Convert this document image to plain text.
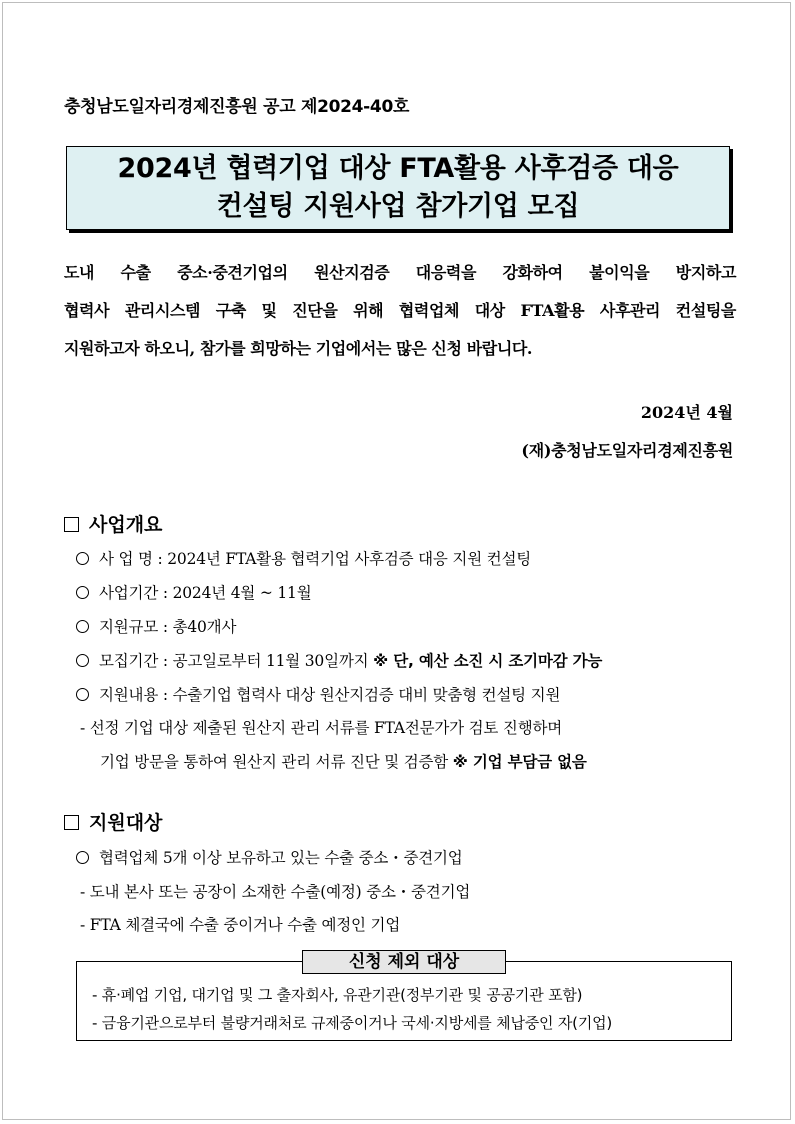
충청남도일자리경제진흥원 공고 제2024-40호
2024년 협력기업 대상 FTA활용 사후검증 대응
컨설팅 지원사업 참가기업 모집
도내 수출 중소·중견기업의 원산지검증 대응력을 강화하여 불이익을 방지하고
협력사 관리시스템 구축 및 진단을 위해 협력업체 대상 FTA활용 사후관리 컨설팅을
지원하고자 하오니, 참가를 희망하는 기업에서는 많은 신청 바랍니다.
2024년 4월
(재)충청남도일자리경제진흥원
사업개요
사 업 명 : 2024년 FTA활용 협력기업 사후검증 대응 지원 컨설팅
사업기간 : 2024년 4월 ~ 11월
지원규모 : 총40개사
모집기간 : 공고일로부터 11월 30일까지 ※ 단, 예산 소진 시 조기마감 가능
지원내용 : 수출기업 협력사 대상 원산지검증 대비 맞춤형 컨설팅 지원
- 선정 기업 대상 제출된 원산지 관리 서류를 FTA전문가가 검토 진행하며
기업 방문을 통하여 원산지 관리 서류 진단 및 검증함 ※ 기업 부담금 없음
지원대상
협력업체 5개 이상 보유하고 있는 수출 중소・중견기업
- 도내 본사 또는 공장이 소재한 수출(예정) 중소・중견기업
- FTA 체결국에 수출 중이거나 수출 예정인 기업
신청 제외 대상
- 휴·폐업 기업, 대기업 및 그 출자회사, 유관기관(정부기관 및 공공기관 포함)
- 금융기관으로부터 불량거래처로 규제중이거나 국세·지방세를 체납중인 자(기업)
